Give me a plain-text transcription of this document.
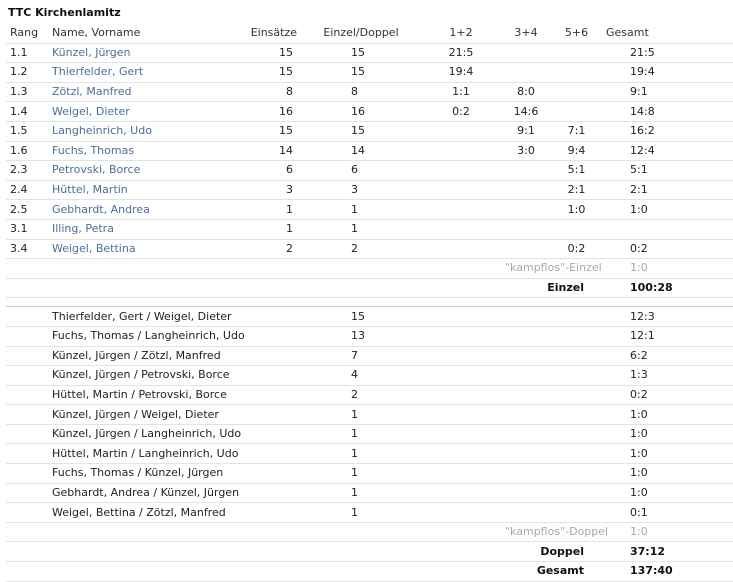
TTC Kirchenlamitz
Rang	Name, Vorname	Einsätze	Einzel/Doppel	1+2	3+4	5+6	Gesamt
1.1	Künzel, Jürgen	15	15	21:5			21:5
1.2	Thierfelder, Gert	15	15	19:4			19:4
1.3	Zötzl, Manfred	8	8	1:1	8:0		9:1
1.4	Weigel, Dieter	16	16	0:2	14:6		14:8
1.5	Langheinrich, Udo	15	15		9:1	7:1	16:2
1.6	Fuchs, Thomas	14	14		3:0	9:4	12:4
2.3	Petrovski, Borce	6	6			5:1	5:1
2.4	Hüttel, Martin	3	3			2:1	2:1
2.5	Gebhardt, Andrea	1	1			1:0	1:0
3.1	Illing, Petra	1	1				
3.4	Weigel, Bettina	2	2			0:2	0:2
					"kampflos"-Einzel		1:0
					Einzel		100:28

	Thierfelder, Gert / Weigel, Dieter		15				12:3
	Fuchs, Thomas / Langheinrich, Udo		13				12:1
	Künzel, Jürgen / Zötzl, Manfred		7				6:2
	Künzel, Jürgen / Petrovski, Borce		4				1:3
	Hüttel, Martin / Petrovski, Borce		2				0:2
	Künzel, Jürgen / Weigel, Dieter		1				1:0
	Künzel, Jürgen / Langheinrich, Udo		1				1:0
	Hüttel, Martin / Langheinrich, Udo		1				1:0
	Fuchs, Thomas / Künzel, Jürgen		1				1:0
	Gebhardt, Andrea / Künzel, Jürgen		1				1:0
	Weigel, Bettina / Zötzl, Manfred		1				0:1
					"kampflos"-Doppel		1:0
					Doppel		37:12
					Gesamt		137:40
